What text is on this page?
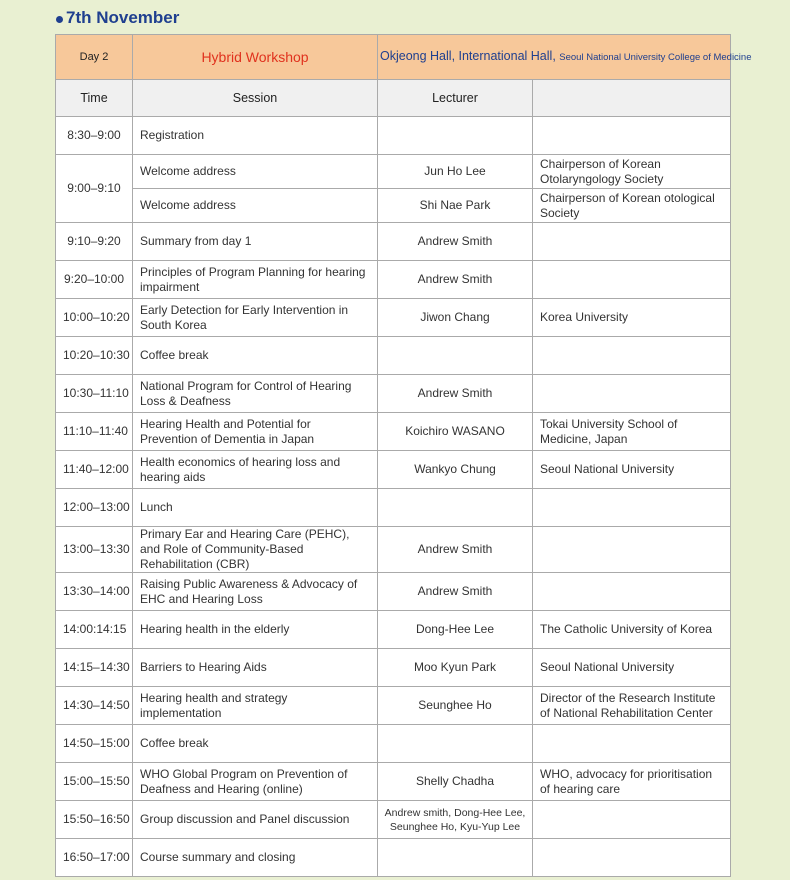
7th November
Day 2	Hybrid Workshop	Okjeong Hall, International Hall, Seoul National University College of Medicine	
Time	Session	Lecturer	
8:30–9:00	Registration		
9:00–9:10	Welcome address	Jun Ho Lee	Chairperson of Korean Otolaryngology Society
	Welcome address	Shi Nae Park	Chairperson of Korean otological Society
9:10–9:20	Summary from day 1	Andrew Smith	
9:20–10:00	Principles of Program Planning for hearing impairment	Andrew Smith	
10:00–10:20	Early Detection for Early Intervention in South Korea	Jiwon Chang	Korea University
10:20–10:30	Coffee break		
10:30–11:10	National Program for Control of Hearing Loss & Deafness	Andrew Smith	
11:10–11:40	Hearing Health and Potential for Prevention of Dementia in Japan	Koichiro WASANO	Tokai University School of Medicine, Japan
11:40–12:00	Health economics of hearing loss and hearing aids	Wankyo Chung	Seoul National University
12:00–13:00	Lunch		
13:00–13:30	Primary Ear and Hearing Care (PEHC), and Role of Community-Based Rehabilitation (CBR)	Andrew Smith	
13:30–14:00	Raising Public Awareness & Advocacy of EHC and Hearing Loss	Andrew Smith	
14:00:14:15	Hearing health in the elderly	Dong-Hee Lee	The Catholic University of Korea
14:15–14:30	Barriers to Hearing Aids	Moo Kyun Park	Seoul National University
14:30–14:50	Hearing health and strategy implementation	Seunghee Ho	Director of the Research Institute of National Rehabilitation Center
14:50–15:00	Coffee break		
15:00–15:50	WHO Global Program on Prevention of Deafness and Hearing (online)	Shelly Chadha	WHO, advocacy for prioritisation of hearing care
15:50–16:50	Group discussion and Panel discussion	Andrew smith, Dong-Hee Lee, Seunghee Ho, Kyu-Yup Lee	
16:50–17:00	Course summary and closing		
